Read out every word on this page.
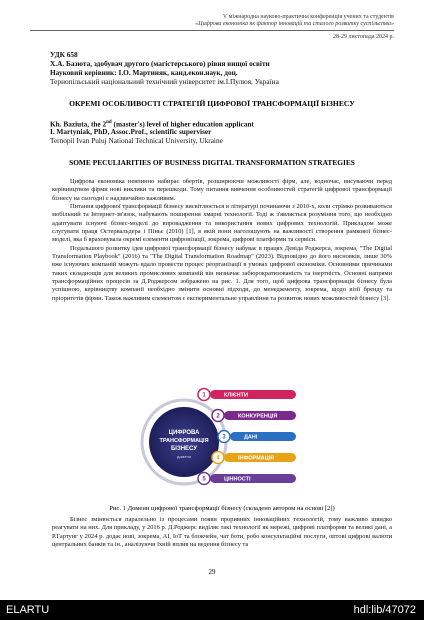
V міжнародна науково-практична конференція учених та студентів
«Цифрова економіка як фактор інновацій та сталого розвитку суспільства»
28-29 листопада 2024 р.
УДК 658
Х.А. Базюта, здобувач другого (магістерського) рівня вищої освіти
Науковий керівник: І.О. Мартиняк, канд.екон.наук, доц.
Тернопільський національний технічний університет ім.І.Пулюя, Україна
ОКРЕМІ ОСОБЛИВОСТІ СТРАТЕГІЙ ЦИФРОВОЇ ТРАНСФОРМАЦІЇ БІЗНЕСУ
Kh. Baziuta, the 2nd (master's) level of higher education applicant
I. Martyniak, PhD, Assoc.Prof., scientific superviser
Ternopil Ivan Puluj National Technical University, Ukraine
SOME PECULIARITIES OF BUSINESS DIGITAL TRANSFORMATION STRATEGIES

Цифрова економіка невпинно набирає обертів, розширюючи можливості фірм, але, водночас, висуваючи перед керівництвом фірми нові виклики та перешкоди. Тому питання вивчення особливостей стратегій цифрової трансформації бізнесу на сьогодні є надзвичайно важливим.

Питання цифрової трансформації бізнесу висвітлюється в літературі починаючи з 2010-х, коли стрімко розвиваються мобільний та Інтернет-зв'язок, набувають поширення хмарні технології. Тоді ж з'являється розуміння того, що необхідно адаптувати існуючі бізнес-моделі до впровадження та використання нових цифрових технологій. Прикладом може слугувати праця Остервальдера і Піньє (2010) [1], в якій вони наголошують на важливості створення рамкової бізнес-моделі, яка б враховувала окремі елементи цифровізації, зокрема, цифрові платформи та сервіси.

Подальшого розвитку ідея цифрової трансформації бізнесу набуває в працях Девіда Роджерса, зокрема, "The Digital Transformation Playbook" (2016) та "The Digital Transformation Roadmap" (2023). Відповідно до його висновків, лише 30% вже існуючих компаній можуть вдало провести процес реорганізації в умовах цифрової економіки. Основними причинами таких складнощів для великих промислових компаній він визначає забюрократизованість та інертність. Основні напрями трансформаційних процесів за Д.Роджерсом зображено на рис. 1. Для того, щоб цифрова трансформація бізнесу була успішною, керівництву компанії необхідно змінити основні підходи, до менеджменту, зокрема, щодо візії бренду та пріоритетів фірми. Також важливим елементом є експериментальне управління та розвиток нових можливостей бізнесу [3].

ЦИФРОВА
ТРАНСФОРМАЦІЯ
БІЗНЕСУ
домени
1	КЛІЄНТИ
2	КОНКУРЕНЦІЯ
3	ДАНІ
4	ІНФОРМАЦІЯ
5	ЦІННОСТІ
Рис. 1 Домени цифрової трансформації бізнесу (складено автором на основі [2])

Бізнес змінюється паралельно із процесами появи проривних інноваційних технологій, тому важливо швидко реагувати на них. Для прикладу, у 2016 р. Д.Роджерс виділяє такі технології як мережі, цифрові платформи та великі дані, а Р.Гартунг у 2024 р. додає нові, зокрема, АІ, ІоТ та блокчейн, чат боти, робо консультаційні послуги, оптові цифрові валюти центральних банків та ін., аналізуючи їхній вплив на ведення бізнесу та

29
ELARTU	hdl:lib/47072
